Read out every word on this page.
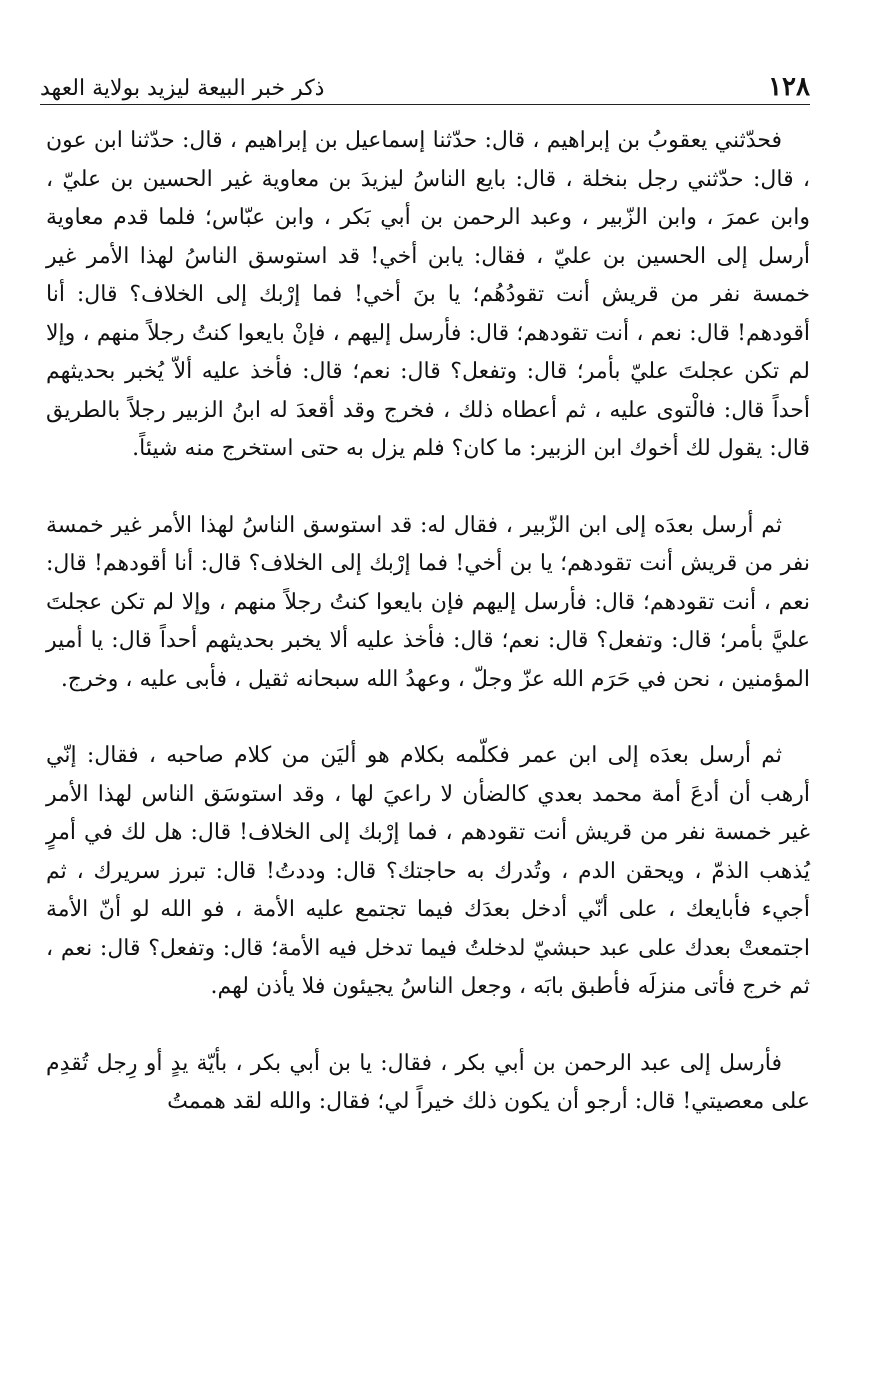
١٢٨
ذكر خبر البيعة ليزيد بولاية العهد

فحدّثني يعقوبُ بن إبراهيم ، قال: حدّثنا إسماعيل بن إبراهيم ، قال: حدّثنا ابن عون ، قال: حدّثني رجل بنخلة ، قال: بايع الناسُ ليزيدَ بن معاوية غير الحسين بن عليّ ، وابن عمرَ ، وابن الزّبير ، وعبد الرحمن بن أبي بَكر ، وابن عبّاس؛ فلما قدم معاوية أرسل إلى الحسين بن عليّ ، فقال: يابن أخي! قد استوسق الناسُ لهذا الأمر غير خمسة نفر من قريش أنت تقودُهُم؛ يا بنَ أخي! فما إرْبك إلى الخلاف؟ قال: أنا أقودهم! قال: نعم ، أنت تقودهم؛ قال: فأرسل إليهم ، فإنْ بايعوا كنتُ رجلاً منهم ، وإلا لم تكن عجلتَ عليّ بأمر؛ قال: وتفعل؟ قال: نعم؛ قال: فأخذ عليه ألاّ يُخبر بحديثهم أحداً قال: فالْتوى عليه ، ثم أعطاه ذلك ، فخرج وقد أقعدَ له ابنُ الزبير رجلاً بالطريق قال: يقول لك أخوك ابن الزبير: ما كان؟ فلم يزل به حتى استخرج منه شيئاً.

ثم أرسل بعدَه إلى ابن الزّبير ، فقال له: قد استوسق الناسُ لهذا الأمر غير خمسة نفر من قريش أنت تقودهم؛ يا بن أخي! فما إرْبك إلى الخلاف؟ قال: أنا أقودهم! قال: نعم ، أنت تقودهم؛ قال: فأرسل إليهم فإن بايعوا كنتُ رجلاً منهم ، وإلا لم تكن عجلتَ عليَّ بأمر؛ قال: وتفعل؟ قال: نعم؛ قال: فأخذ عليه ألا يخبر بحديثهم أحداً قال: يا أمير المؤمنين ، نحن في حَرَم الله عزّ وجلّ ، وعهدُ الله سبحانه ثقيل ، فأبى عليه ، وخرج.

ثم أرسل بعدَه إلى ابن عمر فكلّمه بكلام هو أليَن من كلام صاحبه ، فقال: إنّي أرهب أن أدعَ أمة محمد بعدي كالضأن لا راعيَ لها ، وقد استوسَق الناس لهذا الأمر غير خمسة نفر من قريش أنت تقودهم ، فما إرْبك إلى الخلاف! قال: هل لك في أمرٍ يُذهب الذمّ ، ويحقن الدم ، وتُدرك به حاجتك؟ قال: وددتُ! قال: تبرز سريرك ، ثم أجيء فأبايعك ، على أنّي أدخل بعدَك فيما تجتمع عليه الأمة ، فو الله لو أنّ الأمة اجتمعتْ بعدك على عبد حبشيّ لدخلتُ فيما تدخل فيه الأمة؛ قال: وتفعل؟ قال: نعم ، ثم خرج فأتى منزلَه فأطبق بابَه ، وجعل الناسُ يجيئون فلا يأذن لهم.

فأرسل إلى عبد الرحمن بن أبي بكر ، فقال: يا بن أبي بكر ، بأيّة يدٍ أو رِجل تُقدِم على معصيتي! قال: أرجو أن يكون ذلك خيراً لي؛ فقال: والله لقد هممتُ
